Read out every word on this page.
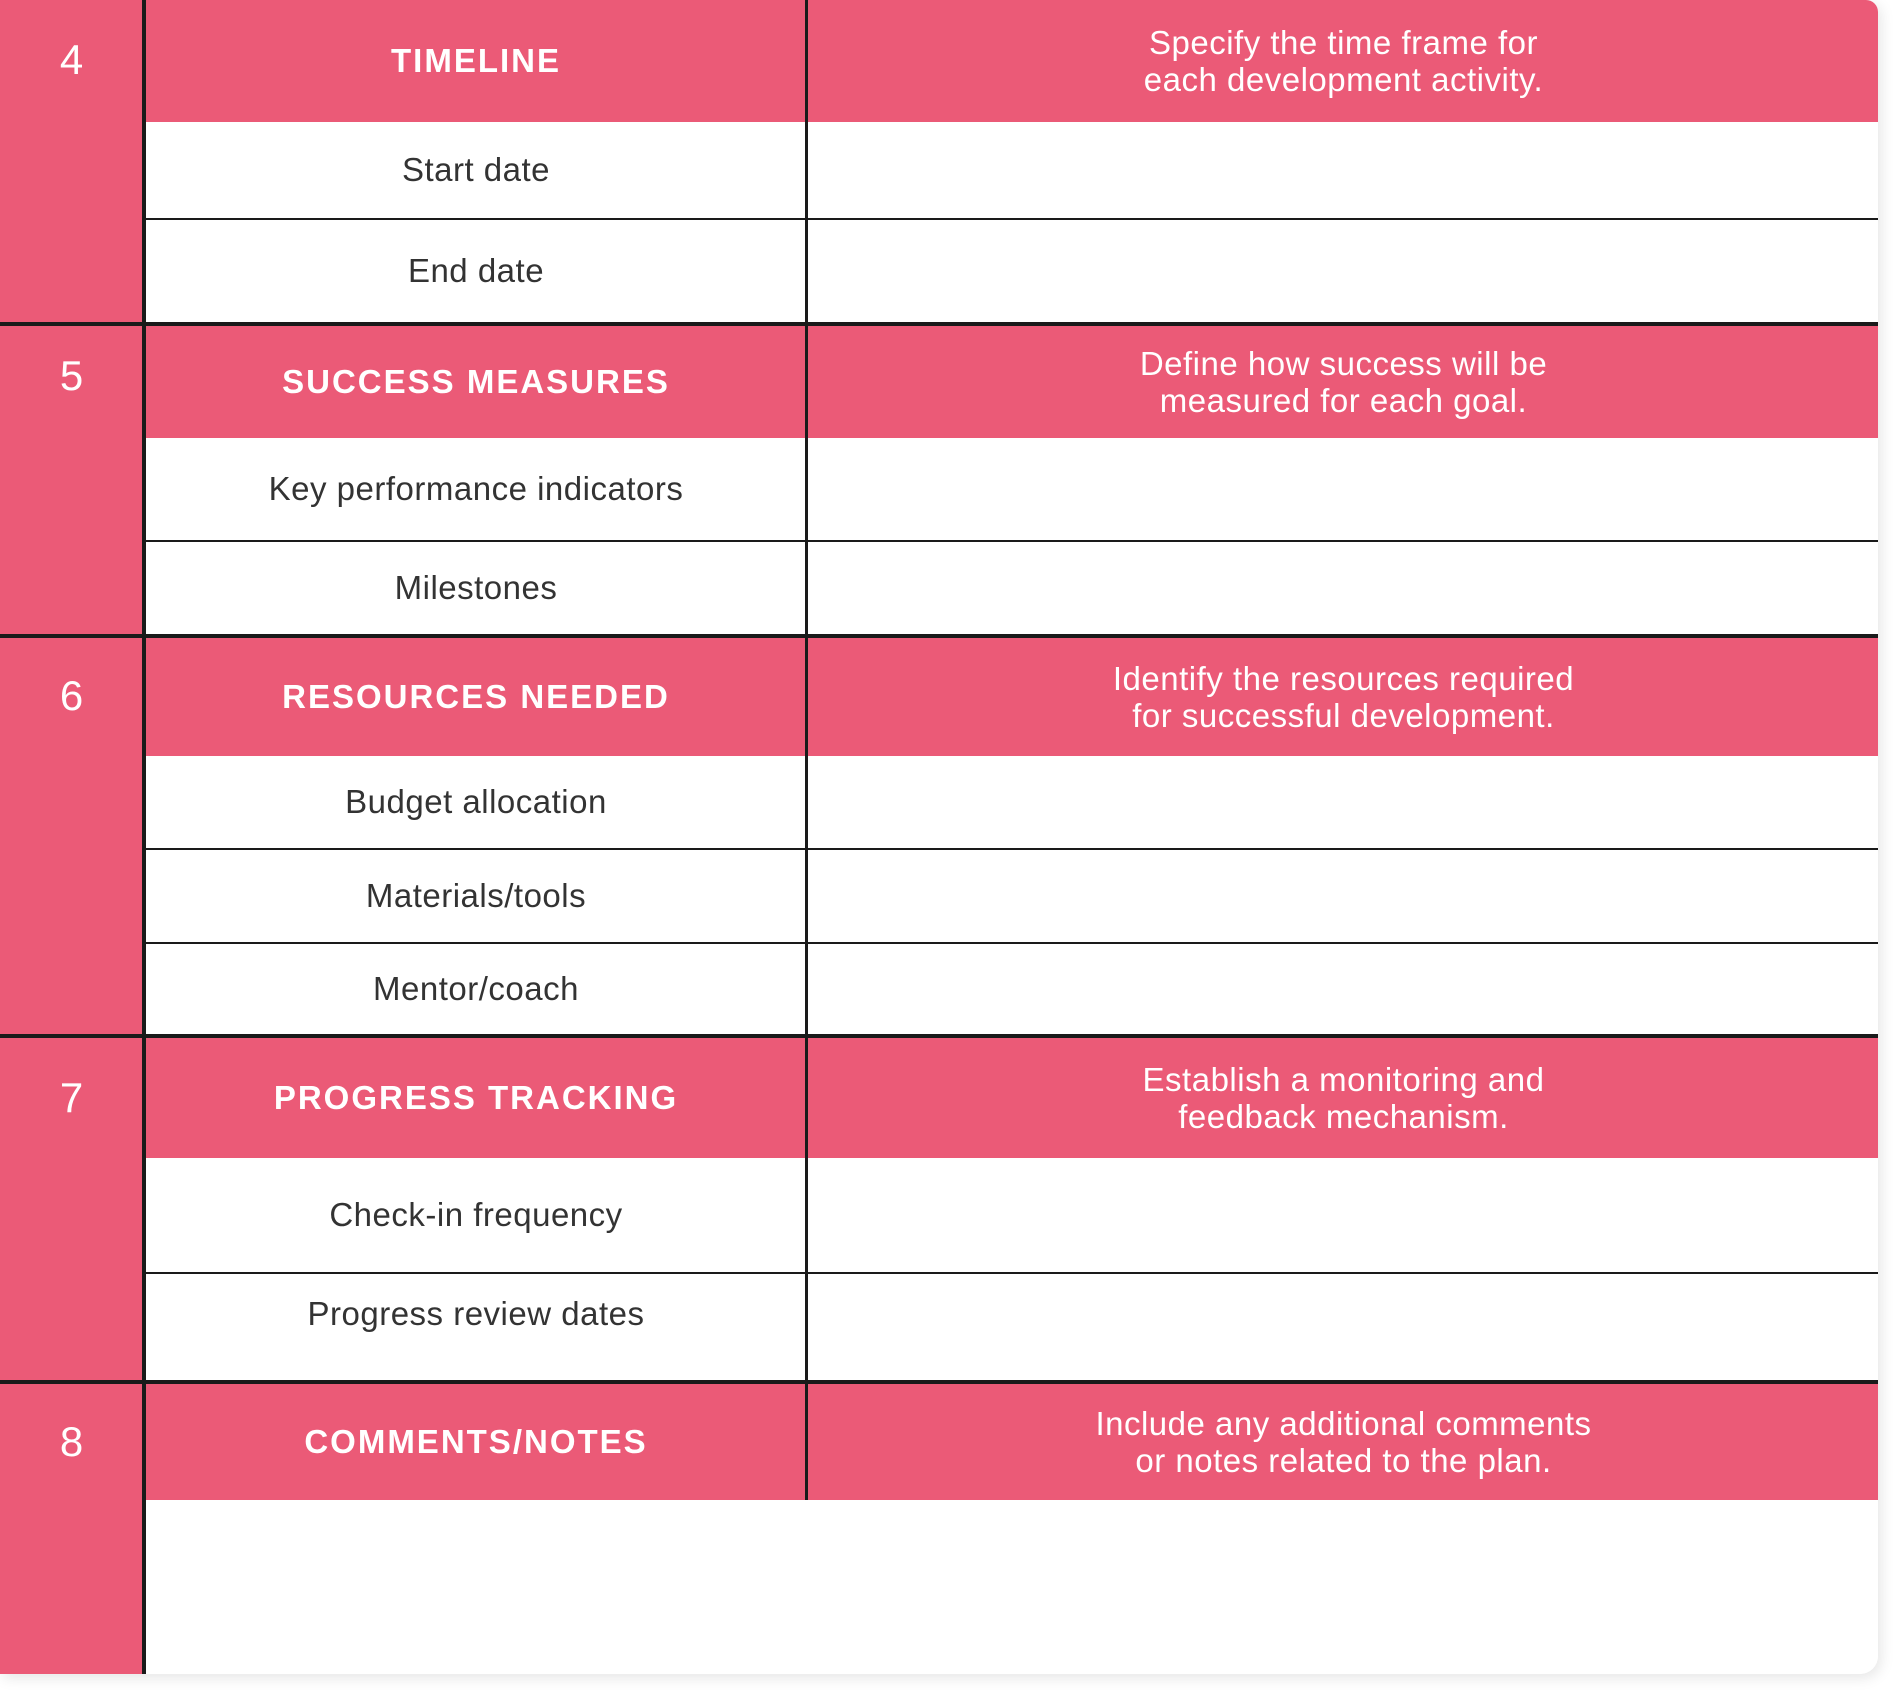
4	TIMELINE	Specify the time frame for
each development activity.
Start date
End date
5	SUCCESS MEASURES	Define how success will be
measured for each goal.
Key performance indicators
Milestones
6	RESOURCES NEEDED	Identify the resources required
for successful development.
Budget allocation
Materials/tools
Mentor/coach
7	PROGRESS TRACKING	Establish a monitoring and
feedback mechanism.
Check-in frequency
Progress review dates
8	COMMENTS/NOTES	Include any additional comments
or notes related to the plan.
